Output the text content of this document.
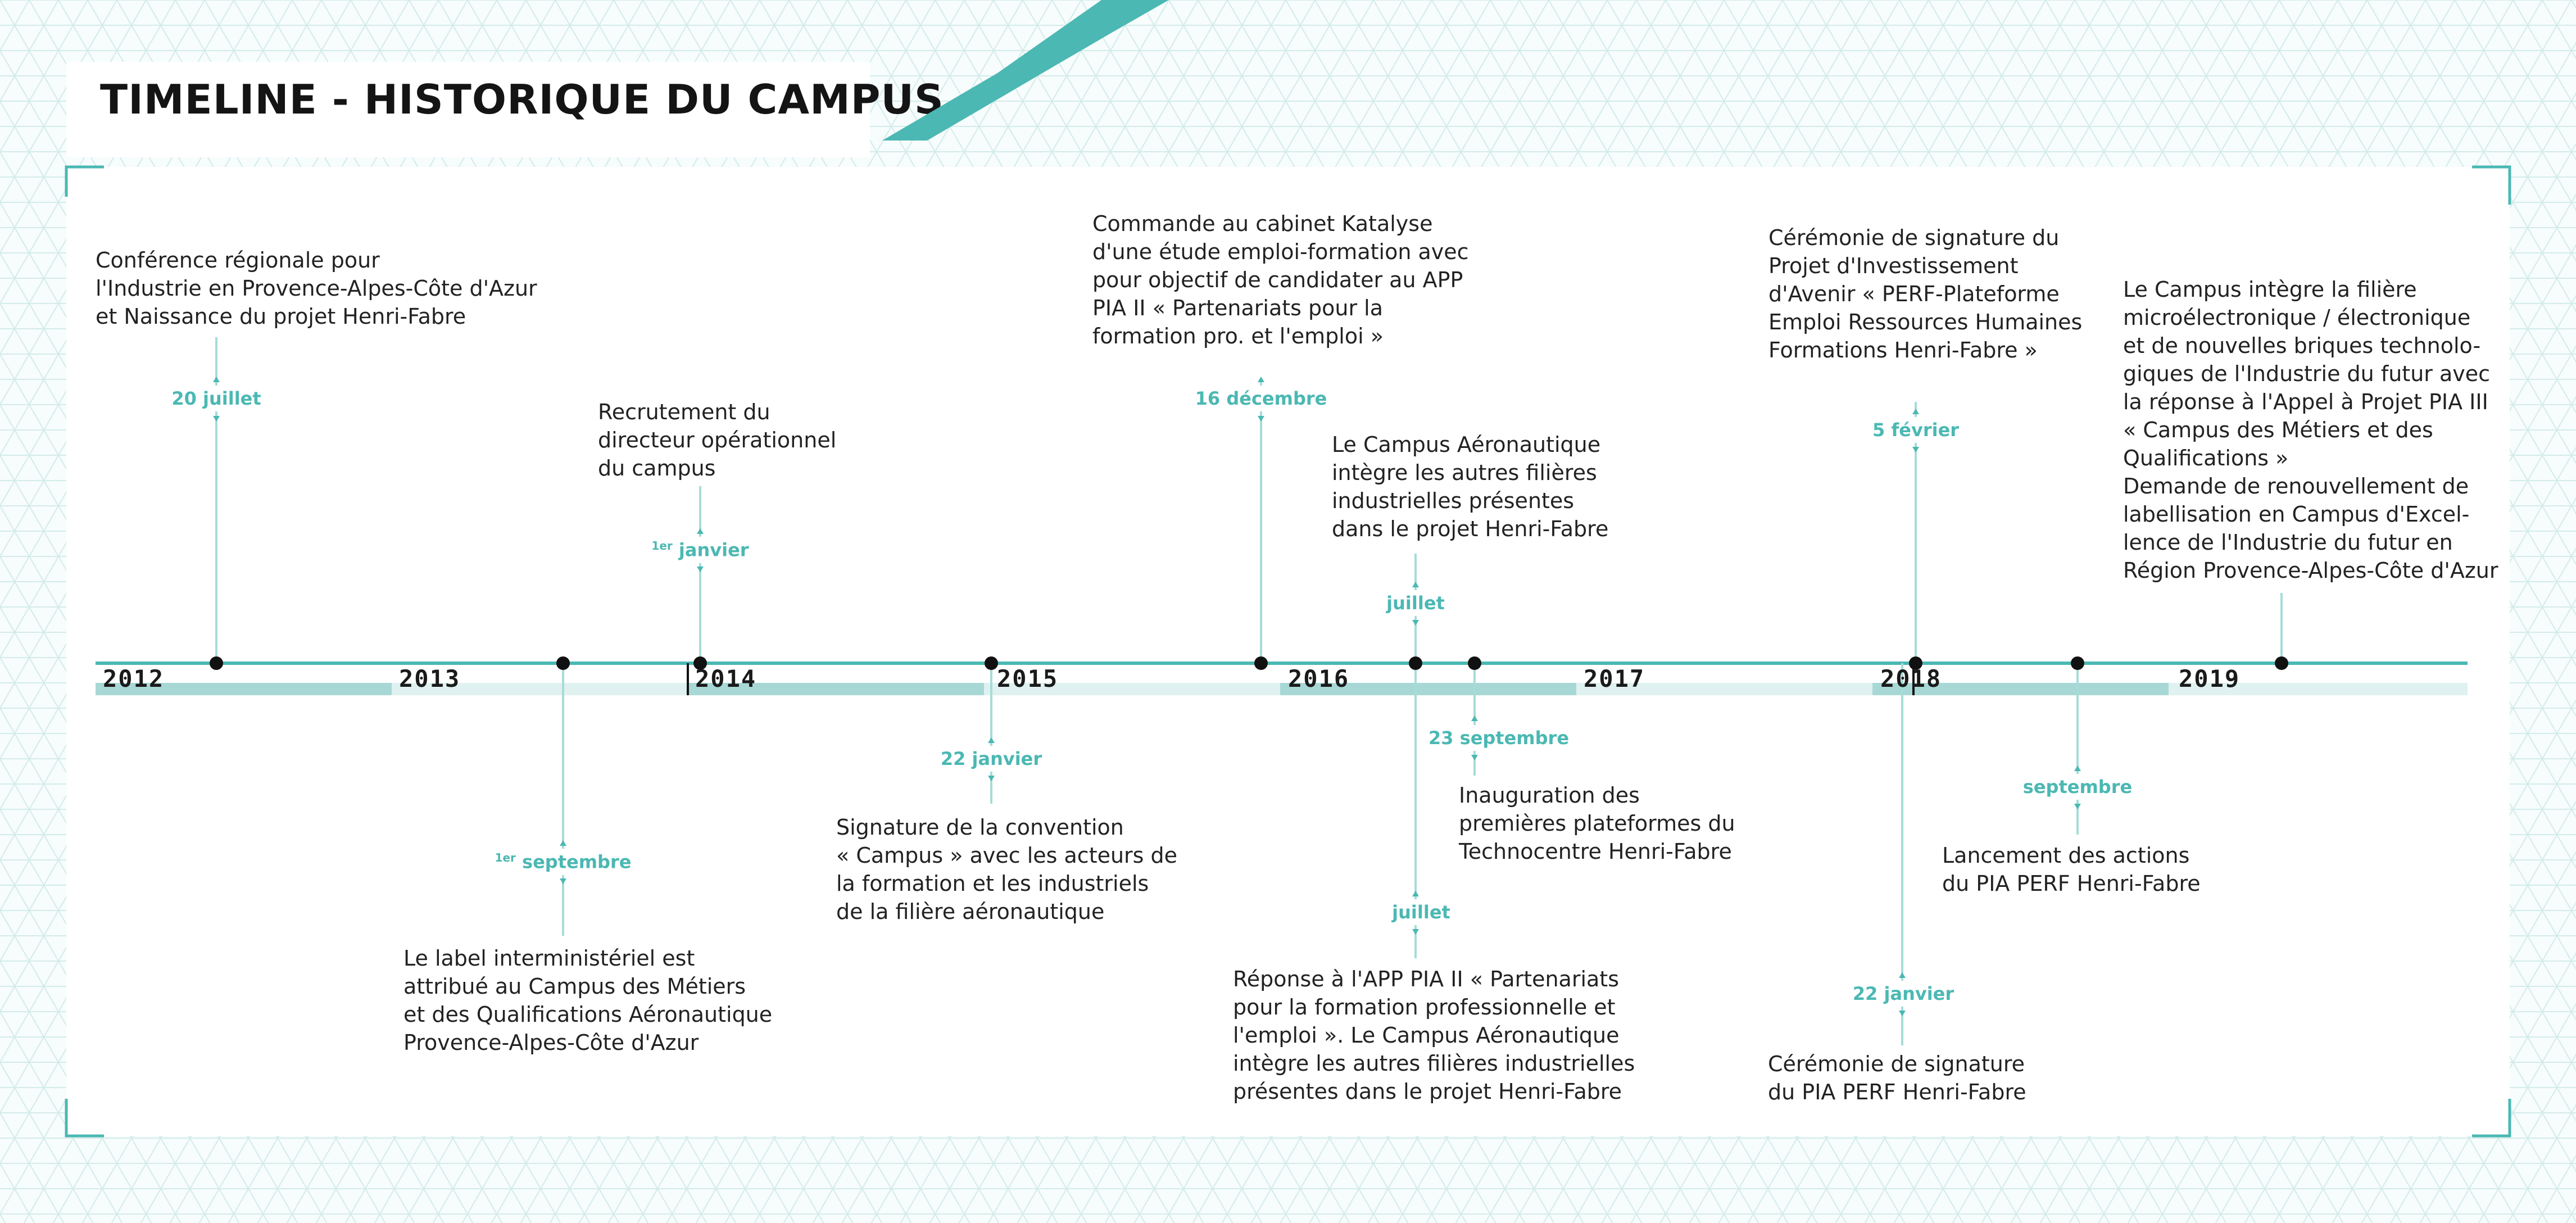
TIMELINE - HISTORIQUE DU CAMPUS
2012	2013	2014	2015	2016	2017	2018	2019
20 juillet
$^{1er}$ septembre
$^{1er}$ janvier
22 janvier
16 décembre
juillet
juillet
23 septembre
5 février
22 janvier
septembre

Conférence régionale pour
l'Industrie en Provence-Alpes-Côte d'Azur
et Naissance du projet Henri-Fabre

Le label interministériel est
attribué au Campus des Métiers
et des Qualifications Aéronautique
Provence-Alpes-Côte d'Azur

Recrutement du
directeur opérationnel
du campus

Signature de la convention
« Campus » avec les acteurs de
la formation et les industriels
de la filière aéronautique

Commande au cabinet Katalyse
d'une étude emploi-formation avec
pour objectif de candidater au APP
PIA II « Partenariats pour la
formation pro. et l'emploi »

Le Campus Aéronautique
intègre les autres filières
industrielles présentes
dans le projet Henri-Fabre

Réponse à l'APP PIA II « Partenariats
pour la formation professionnelle et
l'emploi ». Le Campus Aéronautique
intègre les autres filières industrielles
présentes dans le projet Henri-Fabre

Inauguration des
premières plateformes du
Technocentre Henri-Fabre

Cérémonie de signature du
Projet d'Investissement
d'Avenir « PERF-Plateforme
Emploi Ressources Humaines
Formations Henri-Fabre »

Cérémonie de signature
du PIA PERF Henri-Fabre

Lancement des actions
du PIA PERF Henri-Fabre

Le Campus intègre la filière
microélectronique / électronique
et de nouvelles briques technolo-
giques de l'Industrie du futur avec
la réponse à l'Appel à Projet PIA III
« Campus des Métiers et des
Qualifications »
Demande de renouvellement de
labellisation en Campus d'Excel-
lence de l'Industrie du futur en
Région Provence-Alpes-Côte d'Azur
